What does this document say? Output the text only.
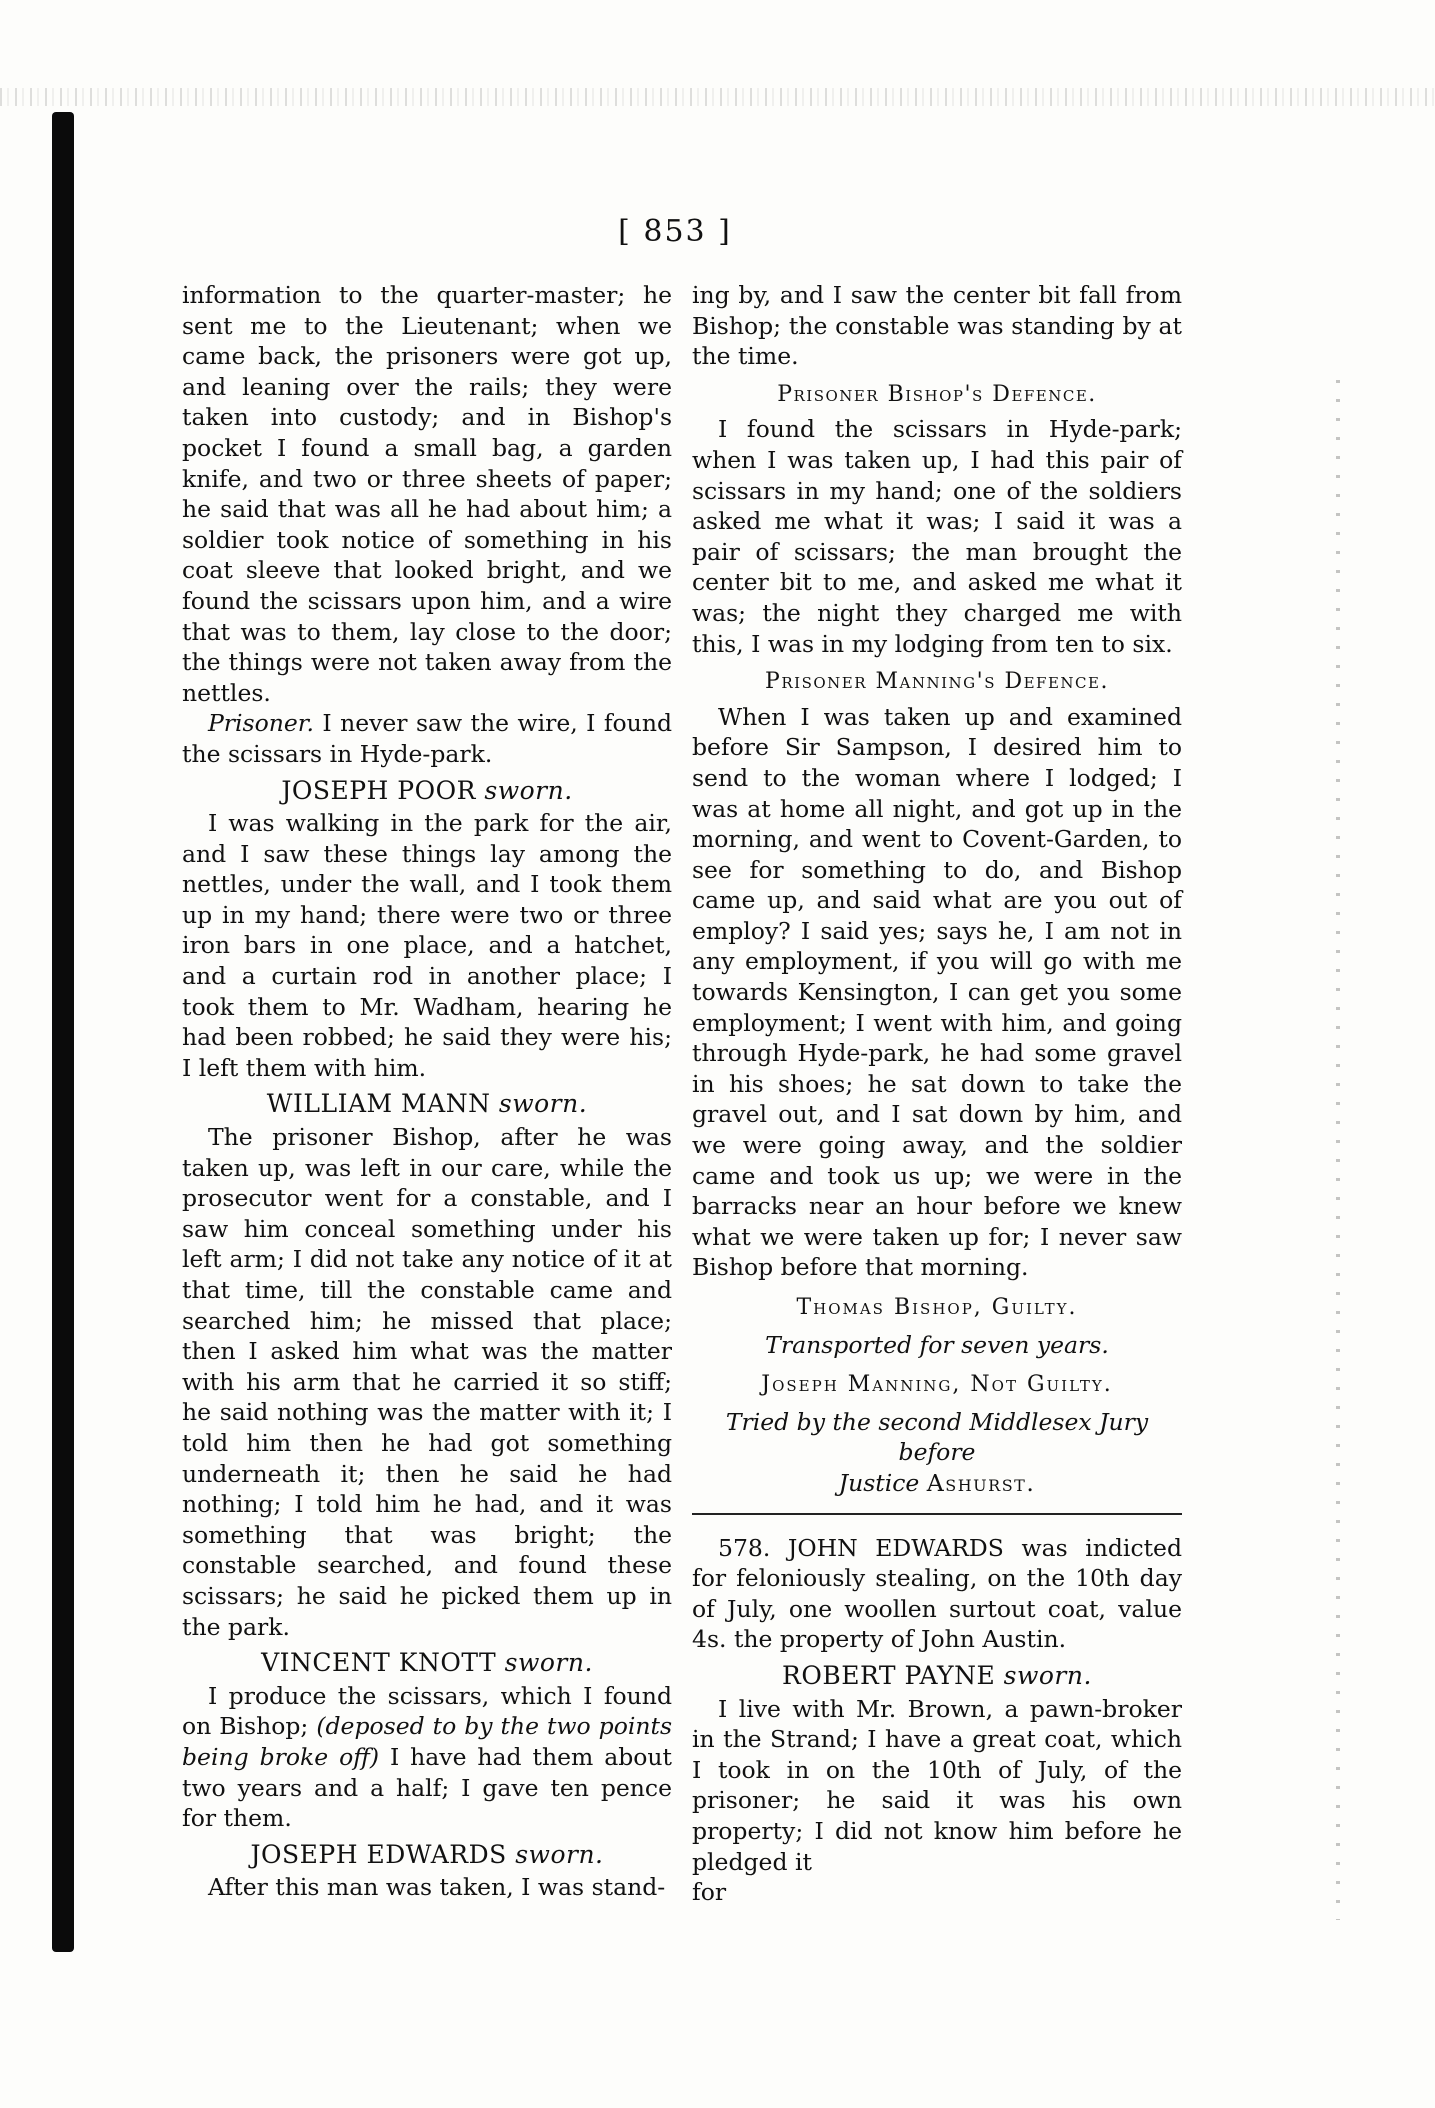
[ 853 ]

information to the quarter-master; he sent me to the Lieutenant; when we came back, the prisoners were got up, and leaning over the rails; they were taken into custody; and in Bishop's pocket I found a small bag, a garden knife, and two or three sheets of paper; he said that was all he had about him; a soldier took notice of something in his coat sleeve that looked bright, and we found the scissars upon him, and a wire that was to them, lay close to the door; the things were not taken away from the nettles.

Prisoner. I never saw the wire, I found the scissars in Hyde-park.

JOSEPH POOR sworn.

I was walking in the park for the air, and I saw these things lay among the nettles, under the wall, and I took them up in my hand; there were two or three iron bars in one place, and a hatchet, and a curtain rod in another place; I took them to Mr. Wadham, hearing he had been robbed; he said they were his; I left them with him.

WILLIAM MANN sworn.

The prisoner Bishop, after he was taken up, was left in our care, while the prosecutor went for a constable, and I saw him conceal something under his left arm; I did not take any notice of it at that time, till the constable came and searched him; he missed that place; then I asked him what was the matter with his arm that he carried it so stiff; he said nothing was the matter with it; I told him then he had got something underneath it; then he said he had nothing; I told him he had, and it was something that was bright; the constable searched, and found these scissars; he said he picked them up in the park.

VINCENT KNOTT sworn.

I produce the scissars, which I found on Bishop; (deposed to by the two points being broke off) I have had them about two years and a half; I gave ten pence for them.

JOSEPH EDWARDS sworn.

After this man was taken, I was stand-

ing by, and I saw the center bit fall from Bishop; the constable was standing by at the time.

Prisoner Bishop's Defence.

I found the scissars in Hyde-park; when I was taken up, I had this pair of scissars in my hand; one of the soldiers asked me what it was; I said it was a pair of scissars; the man brought the center bit to me, and asked me what it was; the night they charged me with this, I was in my lodging from ten to six.

Prisoner Manning's Defence.

When I was taken up and examined before Sir Sampson, I desired him to send to the woman where I lodged; I was at home all night, and got up in the morning, and went to Covent-Garden, to see for something to do, and Bishop came up, and said what are you out of employ? I said yes; says he, I am not in any employment, if you will go with me towards Kensington, I can get you some employment; I went with him, and going through Hyde-park, he had some gravel in his shoes; he sat down to take the gravel out, and I sat down by him, and we were going away, and the soldier came and took us up; we were in the barracks near an hour before we knew what we were taken up for; I never saw Bishop before that morning.

Thomas Bishop, Guilty.
Transported for seven years.
Joseph Manning, Not Guilty.
Tried by the second Middlesex Jury before
Justice Ashurst.

578. JOHN EDWARDS was indicted for feloniously stealing, on the 10th day of July, one woollen surtout coat, value 4s. the property of John Austin.

ROBERT PAYNE sworn.

I live with Mr. Brown, a pawn-broker in the Strand; I have a great coat, which I took in on the 10th of July, of the prisoner; he said it was his own property; I did not know him before he pledged it

for
